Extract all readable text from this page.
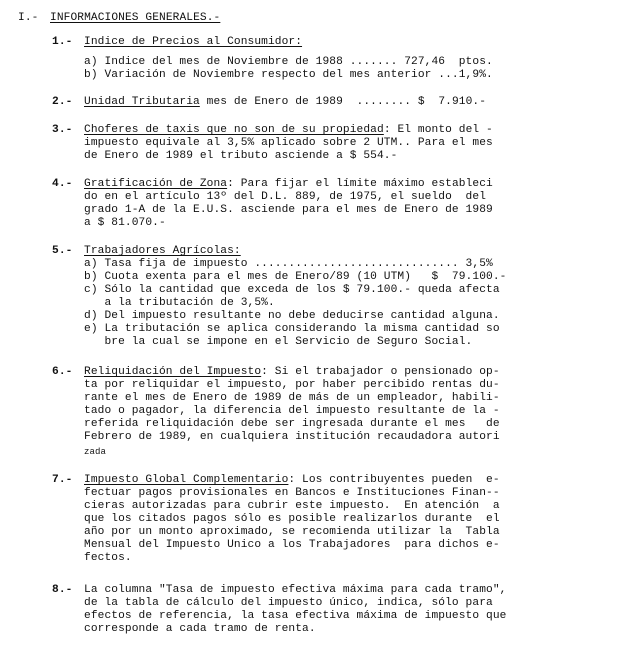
I.- INFORMACIONES GENERALES.-
1.- Indice de Precios al Consumidor:
a) Indice del mes de Noviembre de 1988 ....... 727,46  ptos.
b) Variación de Noviembre respecto del mes anterior ...1,9%.
2.- Unidad Tributaria mes de Enero de 1989  ........ $  7.910.-
3.- Choferes de taxis que no son de su propiedad: El monto del -
impuesto equivale al 3,5% aplicado sobre 2 UTM.. Para el mes
de Enero de 1989 el tributo asciende a $ 554.-
4.- Gratificación de Zona: Para fijar el límite máximo estableci
do en el artículo 13º del D.L. 889, de 1975, el sueldo  del
grado 1-A de la E.U.S. asciende para el mes de Enero de 1989
a $ 81.070.-
5.- Trabajadores Agrícolas:
a) Tasa fija de impuesto .............................. 3,5%
b) Cuota exenta para el mes de Enero/89 (10 UTM)   $  79.100.-
c) Sólo la cantidad que exceda de los $ 79.100.- queda afecta
a la tributación de 3,5%.
d) Del impuesto resultante no debe deducirse cantidad alguna.
e) La tributación se aplica considerando la misma cantidad so
bre la cual se impone en el Servicio de Seguro Social.
6.- Reliquidación del Impuesto: Si el trabajador o pensionado op-
ta por reliquidar el impuesto, por haber percibido rentas du-
rante el mes de Enero de 1989 de más de un empleador, habili-
tado o pagador, la diferencia del impuesto resultante de la -
referida reliquidación debe ser ingresada durante el mes   de
Febrero de 1989, en cualquiera institución recaudadora autori
zada
7.- Impuesto Global Complementario: Los contribuyentes pueden  e-
fectuar pagos provisionales en Bancos e Instituciones Finan--
cieras autorizadas para cubrir este impuesto.  En atención  a
que los citados pagos sólo es posible realizarlos durante  el
año por un monto aproximado, se recomienda utilizar la  Tabla
Mensual del Impuesto Unico a los Trabajadores  para dichos e-
fectos.
8.- La columna "Tasa de impuesto efectiva máxima para cada tramo",
de la tabla de cálculo del impuesto único, indica, sólo para
efectos de referencia, la tasa efectiva máxima de impuesto que
corresponde a cada tramo de renta.
